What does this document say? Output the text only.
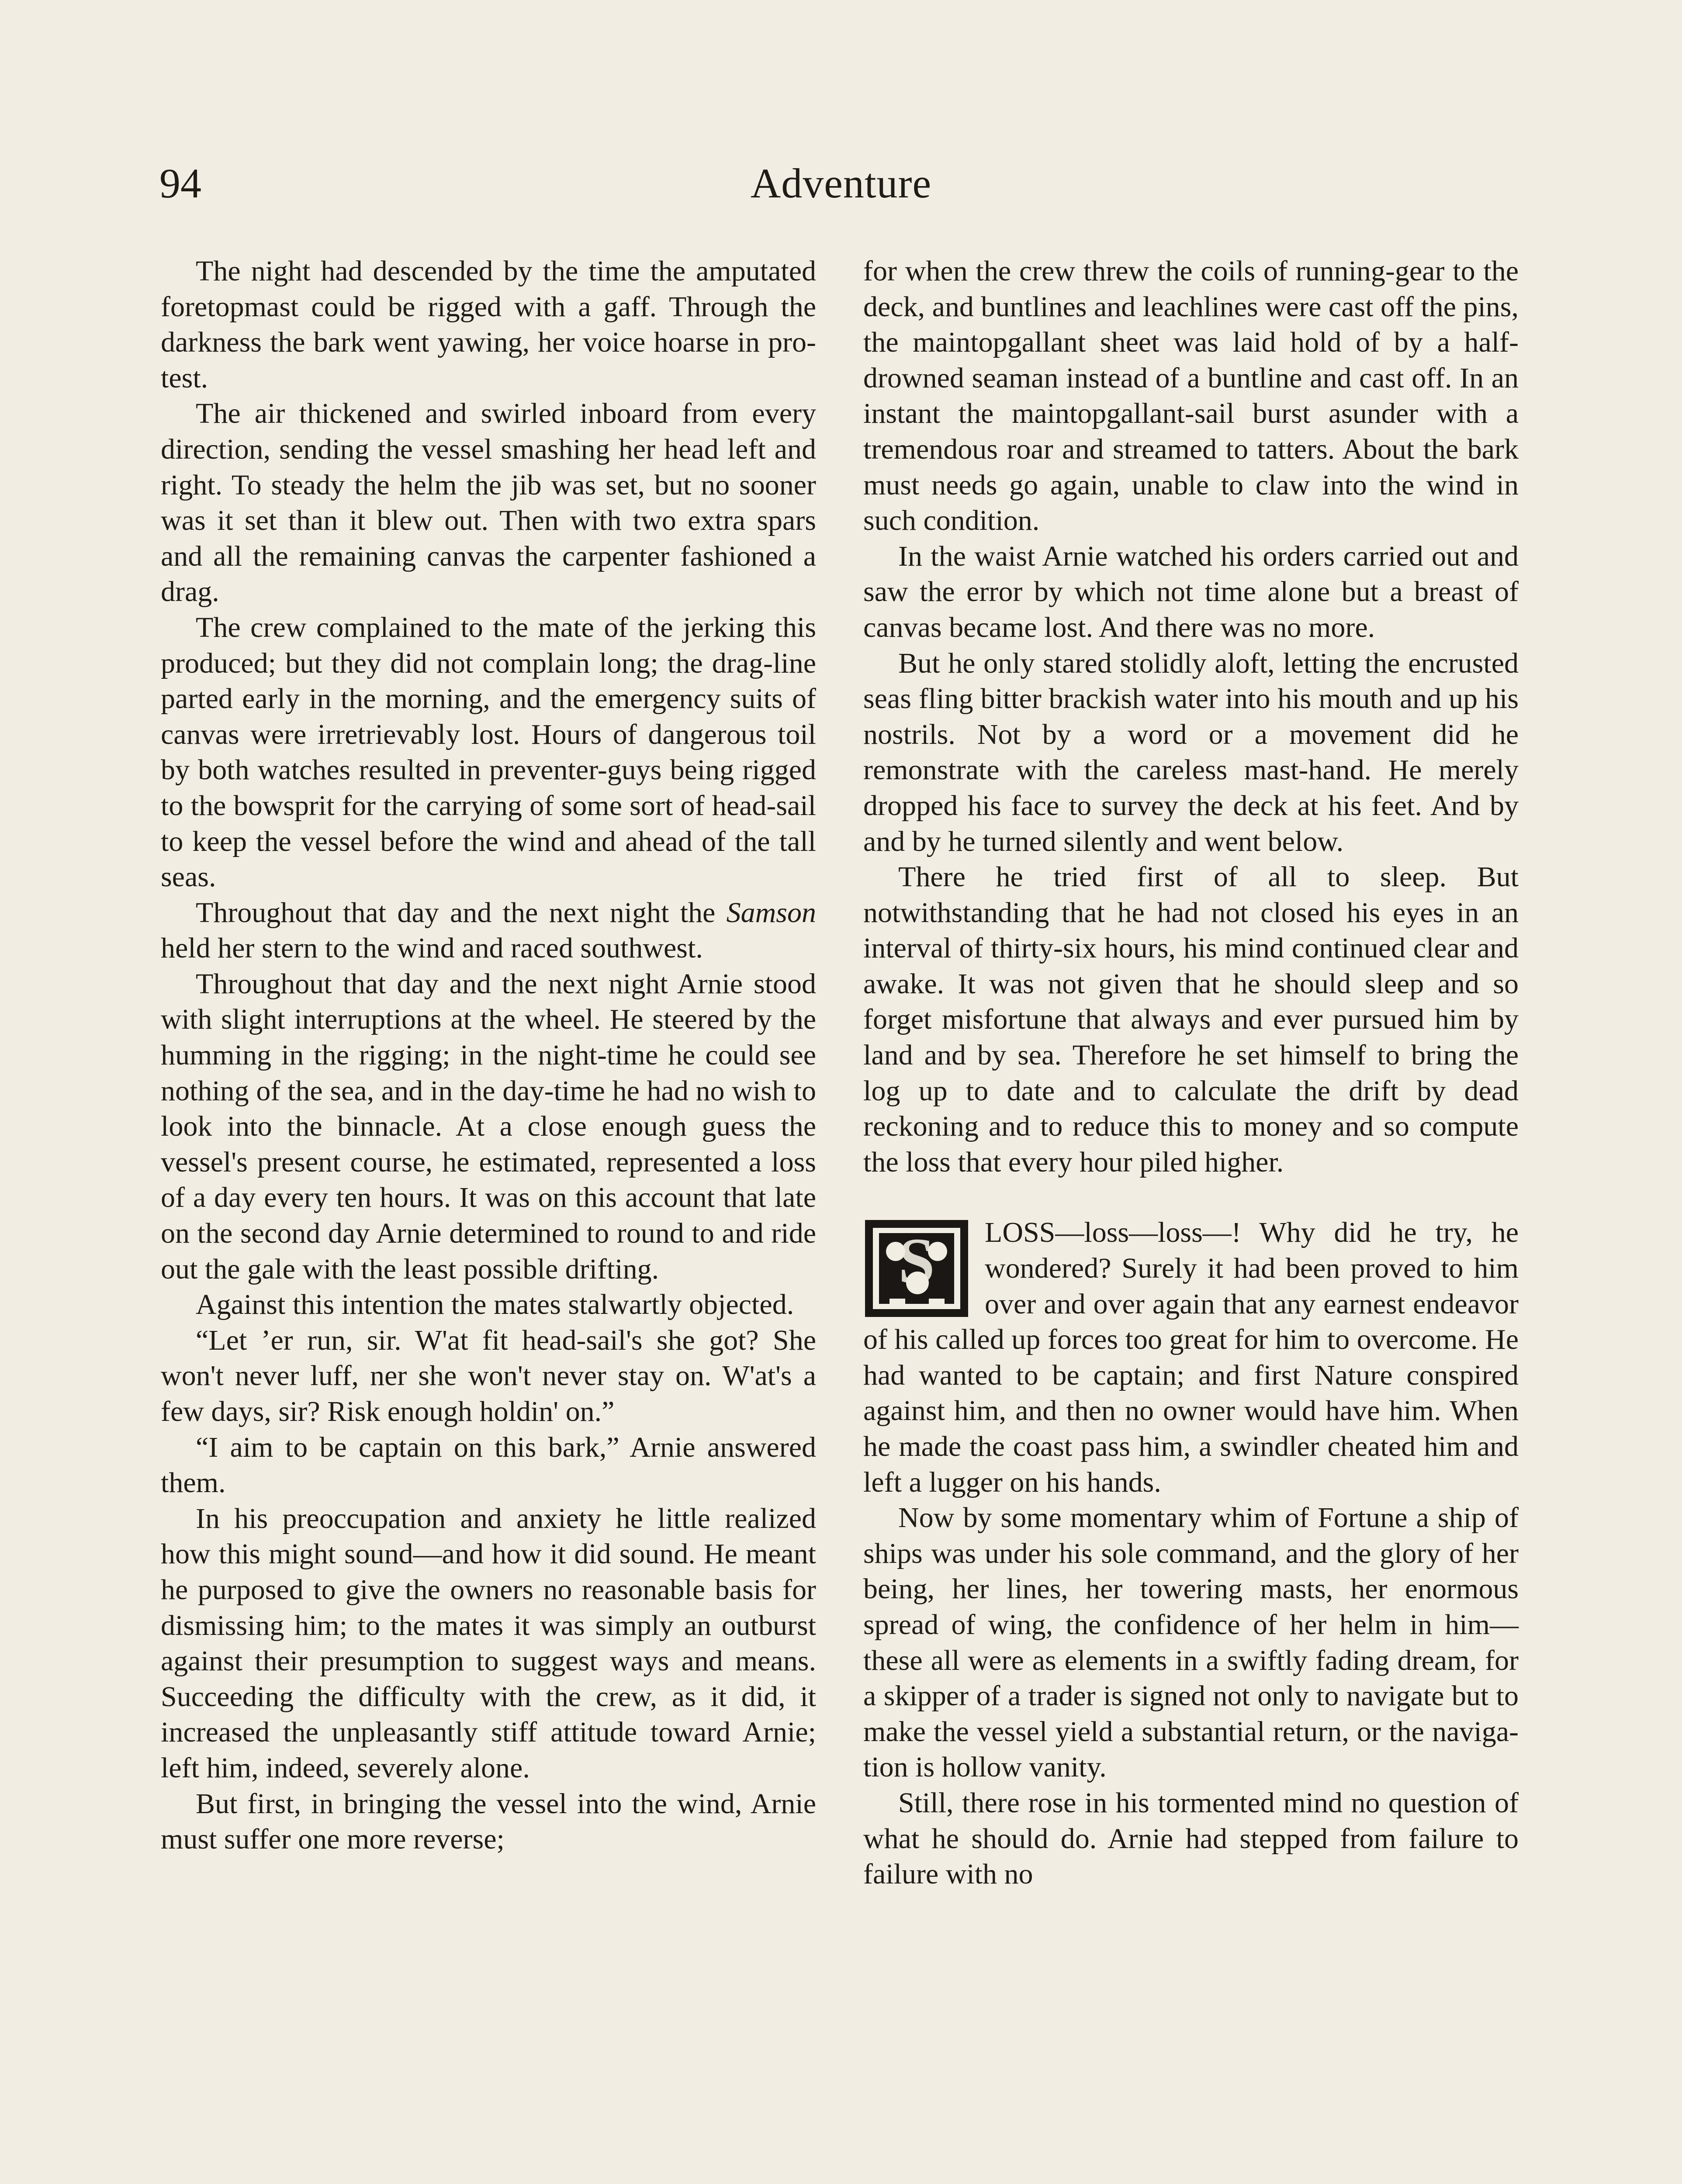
94	Adventure

The night had descended by the time the amputated foretopmast could be rigged with a gaff. Through the darkness the bark went yawing, her voice hoarse in protest.

The air thickened and swirled inboard from every direction, sending the vessel smashing her head left and right. To steady the helm the jib was set, but no sooner was it set than it blew out. Then with two extra spars and all the remaining canvas the carpenter fashioned a drag.

The crew complained to the mate of the jerking this produced; but they did not complain long; the drag-line parted early in the morning, and the emergency suits of canvas were irretrievably lost. Hours of dangerous toil by both watches resulted in preventer-guys being rigged to the bowsprit for the carrying of some sort of head-sail to keep the vessel before the wind and ahead of the tall seas.

Throughout that day and the next night the Samson held her stern to the wind and raced southwest.

Throughout that day and the next night Arnie stood with slight interruptions at the wheel. He steered by the humming in the rigging; in the night-time he could see nothing of the sea, and in the day-time he had no wish to look into the binnacle. At a close enough guess the vessel's present course, he estimated, represented a loss of a day every ten hours. It was on this account that late on the second day Arnie determined to round to and ride out the gale with the least possible drifting.

Against this intention the mates stalwartly objected.

“Let ’er run, sir. W'at fit head-sail's she got? She won't never luff, ner she won't never stay on. W'at's a few days, sir? Risk enough holdin' on.”

“I aim to be captain on this bark,” Arnie answered them.

In his preoccupation and anxiety he little realized how this might sound—and how it did sound. He meant he purposed to give the owners no reasonable basis for dismissing him; to the mates it was simply an outburst against their presumption to suggest ways and means. Succeeding the difficulty with the crew, as it did, it increased the unpleasantly stiff attitude toward Arnie; left him, indeed, severely alone.

But first, in bringing the vessel into the wind, Arnie must suffer one more reverse;

for when the crew threw the coils of running-gear to the deck, and buntlines and leachlines were cast off the pins, the maintopgallant sheet was laid hold of by a half-drowned seaman instead of a buntline and cast off. In an instant the maintopgallant-sail burst asunder with a tremendous roar and streamed to tatters. About the bark must needs go again, unable to claw into the wind in such condition.

In the waist Arnie watched his orders carried out and saw the error by which not time alone but a breast of canvas became lost. And there was no more.

But he only stared stolidly aloft, letting the encrusted seas fling bitter brackish water into his mouth and up his nostrils. Not by a word or a movement did he remonstrate with the careless mast-hand. He merely dropped his face to survey the deck at his feet. And by and by he turned silently and went below.

There he tried first of all to sleep. But notwithstanding that he had not closed his eyes in an interval of thirty-six hours, his mind continued clear and awake. It was not given that he should sleep and so forget misfortune that always and ever pursued him by land and by sea. Therefore he set himself to bring the log up to date and to calculate the drift by dead reckoning and to reduce this to money and so compute the loss that every hour piled higher.

S LOSS—loss—loss—! Why did he try, he wondered? Surely it had been proved to him over and over again that any earnest endeavor of his called up forces too great for him to overcome. He had wanted to be captain; and first Nature conspired against him, and then no owner would have him. When he made the coast pass him, a swindler cheated him and left a lugger on his hands.

Now by some momentary whim of Fortune a ship of ships was under his sole command, and the glory of her being, her lines, her towering masts, her enormous spread of wing, the confidence of her helm in him—these all were as elements in a swiftly fading dream, for a skipper of a trader is signed not only to navigate but to make the vessel yield a substantial return, or the navigation is hollow vanity.

Still, there rose in his tormented mind no question of what he should do. Arnie had stepped from failure to failure with no
